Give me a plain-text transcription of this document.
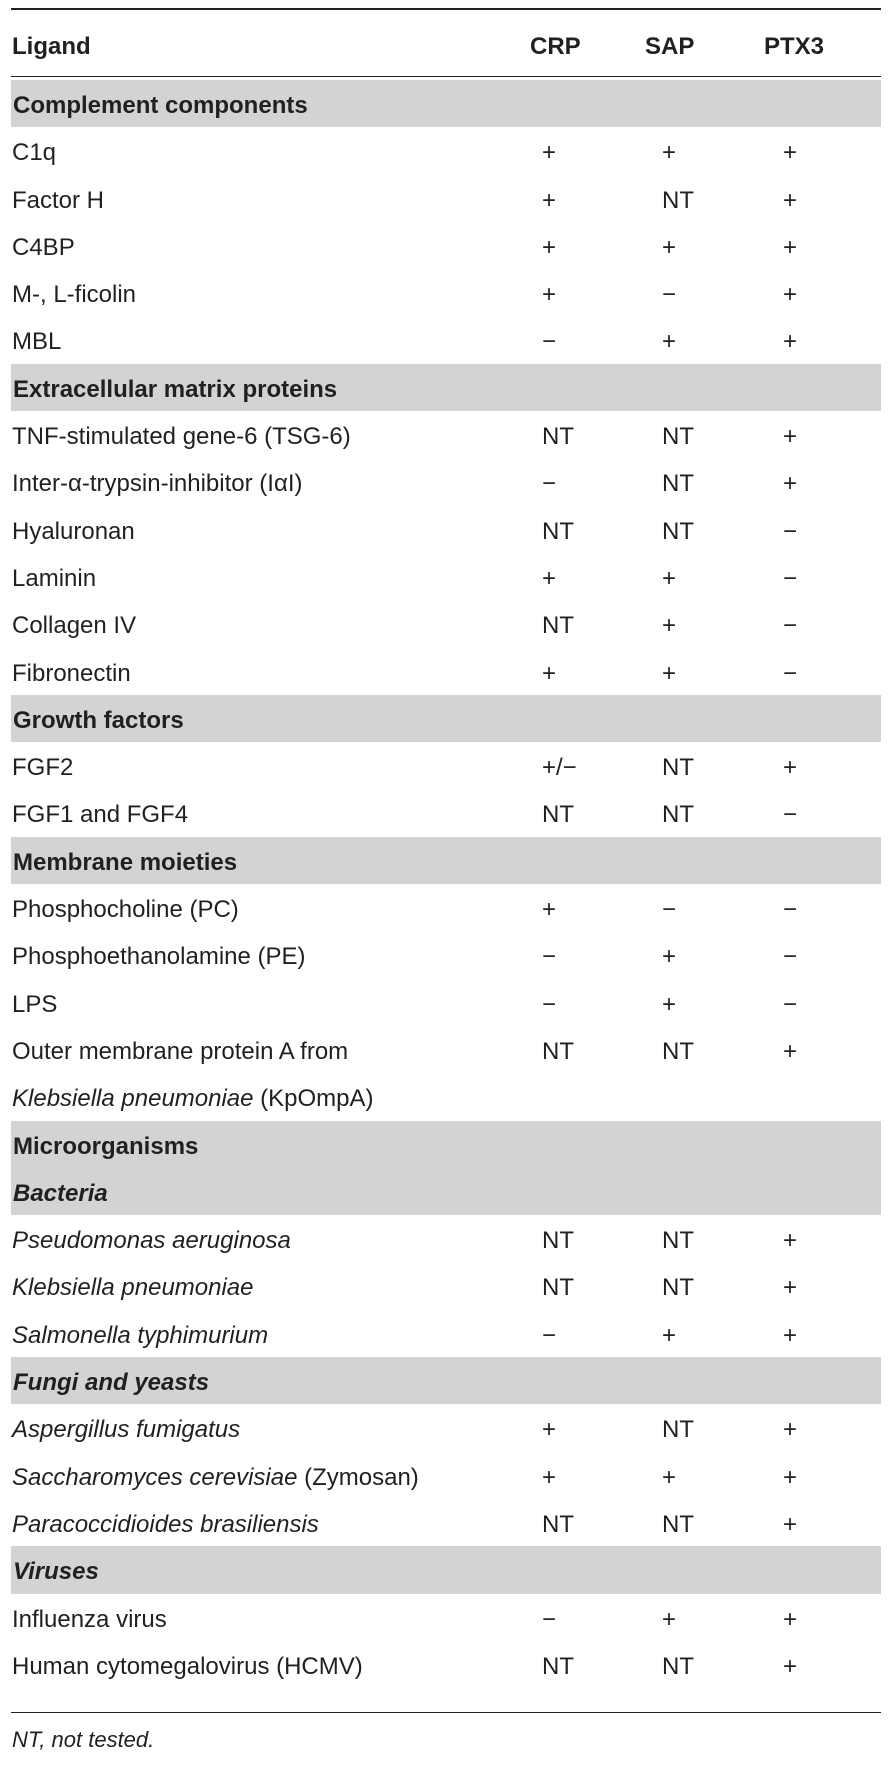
Ligand	CRP	SAP	PTX3
Complement components
C1q	+	+	+
Factor H	+	NT	+
C4BP	+	+	+
M-, L-ficolin	+	−	+
MBL	−	+	+
Extracellular matrix proteins
TNF-stimulated gene-6 (TSG-6)	NT	NT	+
Inter-α-trypsin-inhibitor (IαI)	−	NT	+
Hyaluronan	NT	NT	−
Laminin	+	+	−
Collagen IV	NT	+	−
Fibronectin	+	+	−
Growth factors
FGF2	+/−	NT	+
FGF1 and FGF4	NT	NT	−
Membrane moieties
Phosphocholine (PC)	+	−	−
Phosphoethanolamine (PE)	−	+	−
LPS	−	+	−
Outer membrane protein A from	NT	NT	+
Klebsiella pneumoniae (KpOmpA)
Microorganisms
Bacteria
Pseudomonas aeruginosa	NT	NT	+
Klebsiella pneumoniae	NT	NT	+
Salmonella typhimurium	−	+	+
Fungi and yeasts
Aspergillus fumigatus	+	NT	+
Saccharomyces cerevisiae (Zymosan)	+	+	+
Paracoccidioides brasiliensis	NT	NT	+
Viruses
Influenza virus	−	+	+
Human cytomegalovirus (HCMV)	NT	NT	+
NT, not tested.
